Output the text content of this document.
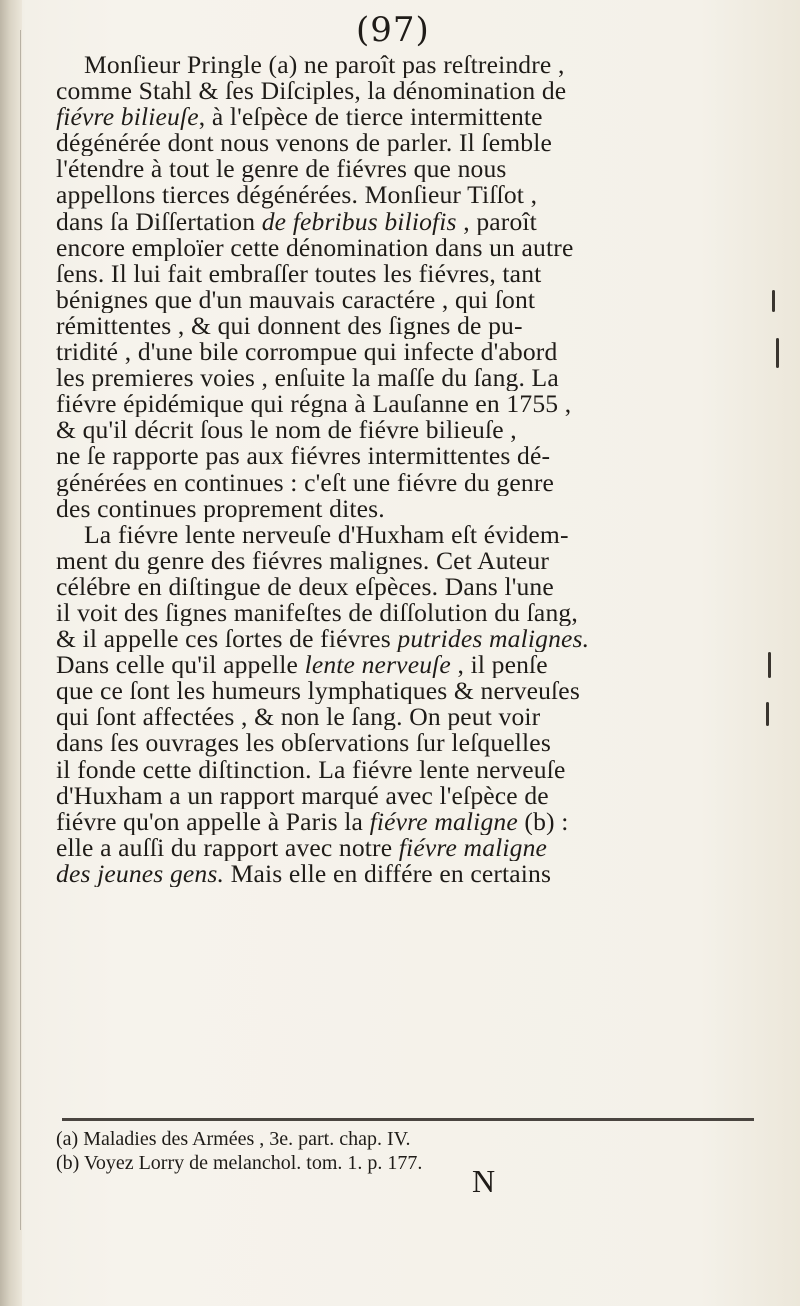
(97)
Monſieur Pringle (a) ne paroît pas reſtreindre ,
comme Stahl & ſes Diſciples, la dénomination de
fiévre bilieuſe, à l'eſpèce de tierce intermittente
dégénérée dont nous venons de parler. Il ſemble
l'étendre à tout le genre de fiévres que nous
appellons tierces dégénérées. Monſieur Tiſſot ,
dans ſa Diſſertation de febribus biliofis , paroît
encore emploïer cette dénomination dans un autre
ſens. Il lui fait embraſſer toutes les fiévres, tant
bénignes que d'un mauvais caractére , qui ſont
rémittentes , & qui donnent des ſignes de pu-
tridité , d'une bile corrompue qui infecte d'abord
les premieres voies , enſuite la maſſe du ſang. La
fiévre épidémique qui régna à Lauſanne en 1755 ,
& qu'il décrit ſous le nom de fiévre bilieuſe ,
ne ſe rapporte pas aux fiévres intermittentes dé-
générées en continues : c'eſt une fiévre du genre
des continues proprement dites.
La fiévre lente nerveuſe d'Huxham eſt évidem-
ment du genre des fiévres malignes. Cet Auteur
célébre en diſtingue de deux eſpèces. Dans l'une
il voit des ſignes manifeſtes de diſſolution du ſang,
& il appelle ces ſortes de fiévres putrides malignes.
Dans celle qu'il appelle lente nerveuſe , il penſe
que ce ſont les humeurs lymphatiques & nerveuſes
qui ſont affectées , & non le ſang. On peut voir
dans ſes ouvrages les obſervations ſur leſquelles
il fonde cette diſtinction. La fiévre lente nerveuſe
d'Huxham a un rapport marqué avec l'eſpèce de
fiévre qu'on appelle à Paris la fiévre maligne (b) :
elle a auſſi du rapport avec notre fiévre maligne
des jeunes gens. Mais elle en différe en certains
(a) Maladies des Armées , 3e. part. chap. IV.
(b) Voyez Lorry de melanchol. tom. 1. p. 177.	N
